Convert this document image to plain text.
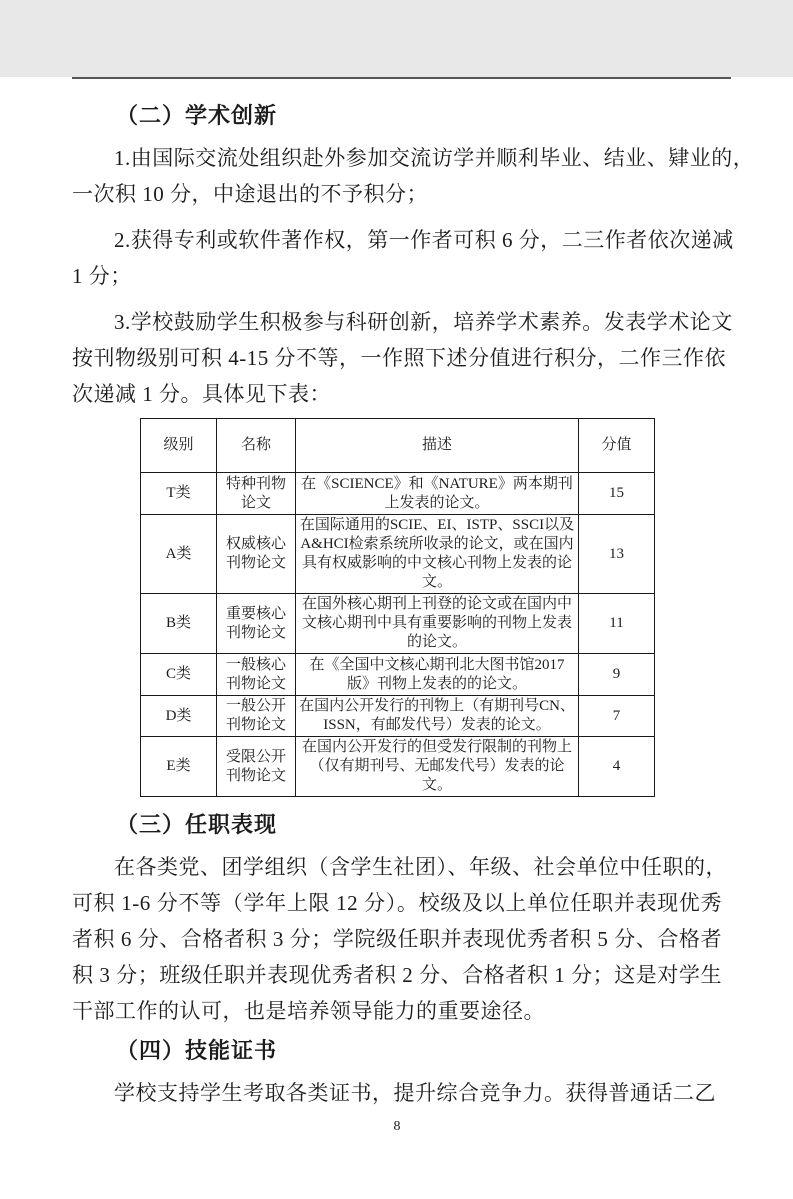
（二）学术创新

1.由国际交流处组织赴外参加交流访学并顺利毕业、结业、肄业的，
一次积 10 分，中途退出的不予积分；

2.获得专利或软件著作权，第一作者可积 6 分，二三作者依次递减
1 分；

3.学校鼓励学生积极参与科研创新，培养学术素养。发表学术论文
按刊物级别可积 4-15 分不等，一作照下述分值进行积分，二作三作依
次递减 1 分。具体见下表：

级别	名称	描述	分值
T类	特种刊物论文	在《SCIENCE》和《NATURE》两本期刊上发表的论文。	15
A类	权威核心刊物论文	在国际通用的SCIE、EI、ISTP、SSCI以及A&HCI检索系统所收录的论文，或在国内具有权威影响的中文核心刊物上发表的论文。	13
B类	重要核心刊物论文	在国外核心期刊上刊登的论文或在国内中文核心期刊中具有重要影响的刊物上发表的论文。	11
C类	一般核心刊物论文	在《全国中文核心期刊北大图书馆2017版》刊物上发表的的论文。	9
D类	一般公开刊物论文	在国内公开发行的刊物上（有期刊号CN、ISSN，有邮发代号）发表的论文。	7
E类	受限公开刊物论文	在国内公开发行的但受发行限制的刊物上（仅有期刊号、无邮发代号）发表的论文。	4
（三）任职表现

在各类党、团学组织（含学生社团）、年级、社会单位中任职的，
可积 1-6 分不等（学年上限 12 分）。校级及以上单位任职并表现优秀
者积 6 分、合格者积 3 分；学院级任职并表现优秀者积 5 分、合格者
积 3 分；班级任职并表现优秀者积 2 分、合格者积 1 分；这是对学生
干部工作的认可，也是培养领导能力的重要途径。

（四）技能证书

学校支持学生考取各类证书，提升综合竞争力。获得普通话二乙

8
